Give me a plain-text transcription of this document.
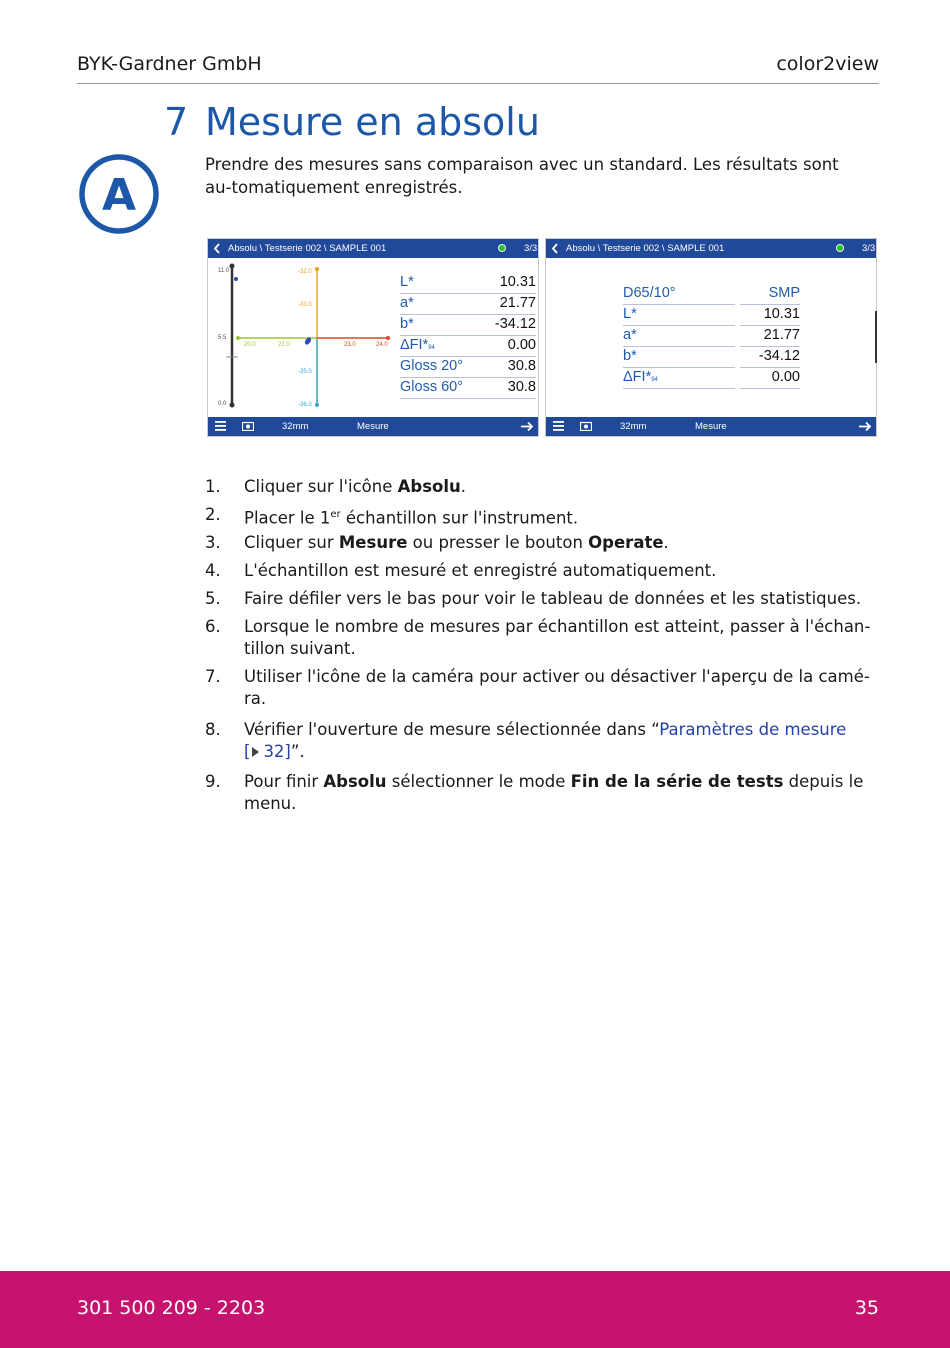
BYK-Gardner GmbH	color2view
7 Mesure en absolu
A
Prendre des mesures sans comparaison avec un standard. Les résultats sont au-tomatiquement enregistrés.
Absolu \ Testserie 002 \ SAMPLE 001	3/3
11.0
5.5
0.0
-32.0
-33.0
-35.0
-36.0
20.0	21.0	23.0	24.0
L*	10.31
a*	21.77
b*	-34.12
ΔFI*94	0.00
Gloss 20°	30.8
Gloss 60°	30.8
32mm	Mesure
Absolu \ Testserie 002 \ SAMPLE 001	3/3
D65/10°	SMP
L*	10.31
a*	21.77
b*	-34.12
ΔFI*94	0.00
32mm	Mesure
1. Cliquer sur l'icône Absolu.
2. Placer le 1er échantillon sur l'instrument.
3. Cliquer sur Mesure ou presser le bouton Operate.
4. L'échantillon est mesuré et enregistré automatiquement.
5. Faire défiler vers le bas pour voir le tableau de données et les statistiques.
6. Lorsque le nombre de mesures par échantillon est atteint, passer à l'échan-tillon suivant.
7. Utiliser l'icône de la caméra pour activer ou désactiver l'aperçu de la camé-ra.
8. Vérifier l'ouverture de mesure sélectionnée dans “Paramètres de mesure
[ 32]”.
9. Pour finir Absolu sélectionner le mode Fin de la série de tests depuis le menu.
301 500 209 - 2203	35
